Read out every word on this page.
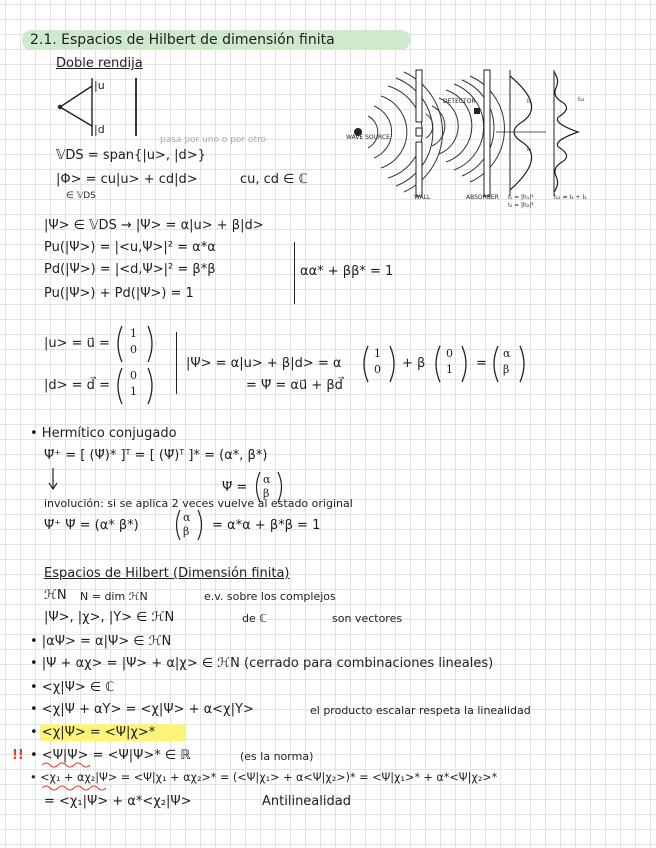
2.1. Espacios de Hilbert de dimensión finita
Doble rendija
|u
|d
pasa por uno o por otro
𝕍DS = span{|u>, |d>}
|Φ> = cu|u> + cd|d>	cu, cd ∈ ℂ
∈ 𝕍DS
WAVE SOURCE
WALL
DETECTOR
ABSORBER
I₁
I₂
I₁₂
I₁ = |h₁|²
I₂ = |h₂|²
I₁₂ ≠ I₁ + I₂
|Ψ> ∈ 𝕍DS → |Ψ> = α|u> + β|d>
Pu(|Ψ>) = |<u,Ψ>|² = α*α
Pd(|Ψ>) = |<d,Ψ>|² = β*β
Pu(|Ψ>) + Pd(|Ψ>) = 1
αα* + ββ* = 1
|u> = u⃗ =
1
0
|d> = d⃗ =
0
1
|Ψ> = α|u> + β|d> = α
1
0 + β
0
1 =
α
β
= Ψ⃗ = αu⃗ + βd⃗
• Hermítico conjugado
Ψ⃗⁺ = [ (Ψ⃗)* ]ᵀ = [ (Ψ⃗)ᵀ ]* = (α*, β*)
Ψ⃗ =
α
β
involución: si se aplica 2 veces vuelve al estado original
Ψ⃗⁺ Ψ⃗ = (α* β*)
α
β = α*α + β*β = 1
Espacios de Hilbert (Dimensión finita)
ℋN N = dim ℋN	e.v. sobre los complejos
|Ψ>, |χ>, |Υ> ∈ ℋN	de ℂ	son vectores
• |αΨ> = α|Ψ> ∈ ℋN
• |Ψ + αχ> = |Ψ> + α|χ> ∈ ℋN (cerrado para combinaciones lineales)
• <χ|Ψ> ∈ ℂ
• <χ|Ψ + αΥ> = <χ|Ψ> + α<χ|Υ>	el producto escalar respeta la linealidad
• <χ|Ψ> = <Ψ|χ>*
!! • <Ψ|Ψ> = <Ψ|Ψ>* ∈ ℝ	(es la norma)
• <χ₁ + αχ₂|Ψ> = <Ψ|χ₁ + αχ₂>* = (<Ψ|χ₁> + α<Ψ|χ₂>)* = <Ψ|χ₁>* + α*<Ψ|χ₂>*
= <χ₁|Ψ> + α*<χ₂|Ψ>	Antilinealidad
